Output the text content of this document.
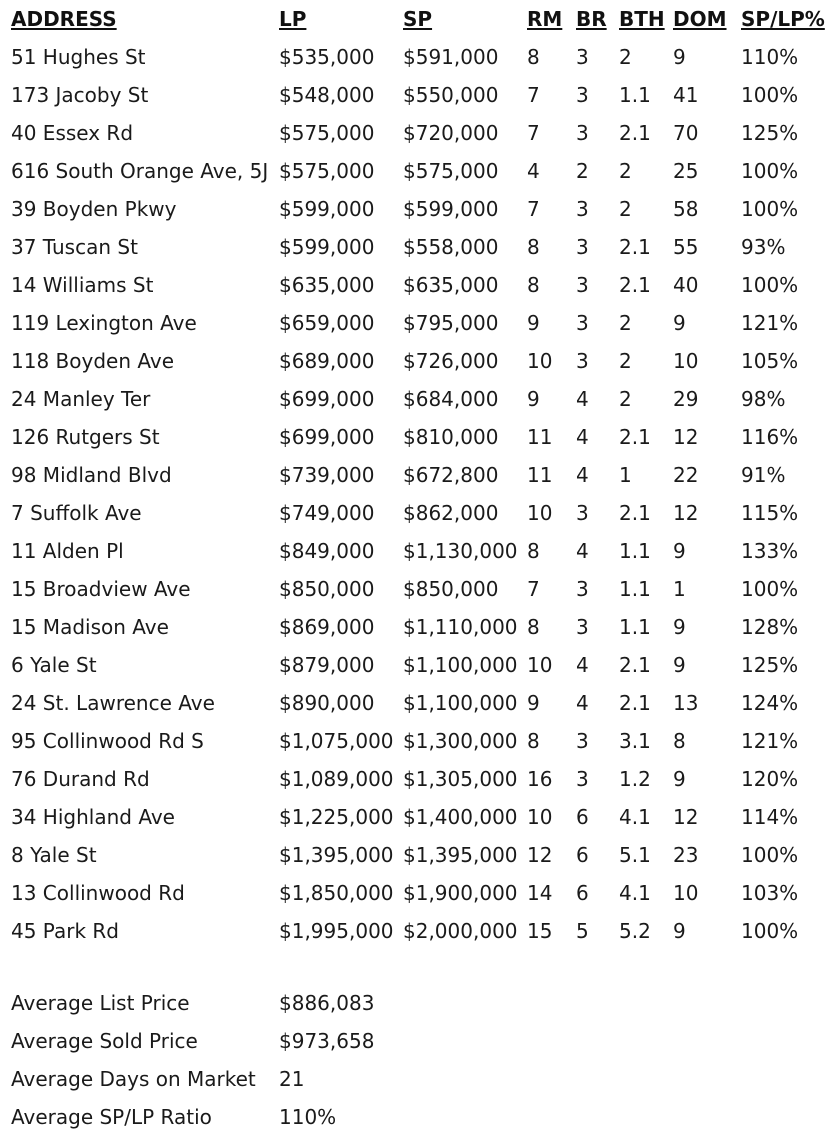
ADDRESS	LP	SP	RM	BR	BTH	DOM	SP/LP%
51 Hughes St	$535,000	$591,000	8	3	2	9	110%
173 Jacoby St	$548,000	$550,000	7	3	1.1	41	100%
40 Essex Rd	$575,000	$720,000	7	3	2.1	70	125%
616 South Orange Ave, 5J	$575,000	$575,000	4	2	2	25	100%
39 Boyden Pkwy	$599,000	$599,000	7	3	2	58	100%
37 Tuscan St	$599,000	$558,000	8	3	2.1	55	93%
14 Williams St	$635,000	$635,000	8	3	2.1	40	100%
119 Lexington Ave	$659,000	$795,000	9	3	2	9	121%
118 Boyden Ave	$689,000	$726,000	10	3	2	10	105%
24 Manley Ter	$699,000	$684,000	9	4	2	29	98%
126 Rutgers St	$699,000	$810,000	11	4	2.1	12	116%
98 Midland Blvd	$739,000	$672,800	11	4	1	22	91%
7 Suffolk Ave	$749,000	$862,000	10	3	2.1	12	115%
11 Alden Pl	$849,000	$1,130,000	8	4	1.1	9	133%
15 Broadview Ave	$850,000	$850,000	7	3	1.1	1	100%
15 Madison Ave	$869,000	$1,110,000	8	3	1.1	9	128%
6 Yale St	$879,000	$1,100,000	10	4	2.1	9	125%
24 St. Lawrence Ave	$890,000	$1,100,000	9	4	2.1	13	124%
95 Collinwood Rd S	$1,075,000	$1,300,000	8	3	3.1	8	121%
76 Durand Rd	$1,089,000	$1,305,000	16	3	1.2	9	120%
34 Highland Ave	$1,225,000	$1,400,000	10	6	4.1	12	114%
8 Yale St	$1,395,000	$1,395,000	12	6	5.1	23	100%
13 Collinwood Rd	$1,850,000	$1,900,000	14	6	4.1	10	103%
45 Park Rd	$1,995,000	$2,000,000	15	5	5.2	9	100%
Average List Price	$886,083
Average Sold Price	$973,658
Average Days on Market	21
Average SP/LP Ratio	110%
